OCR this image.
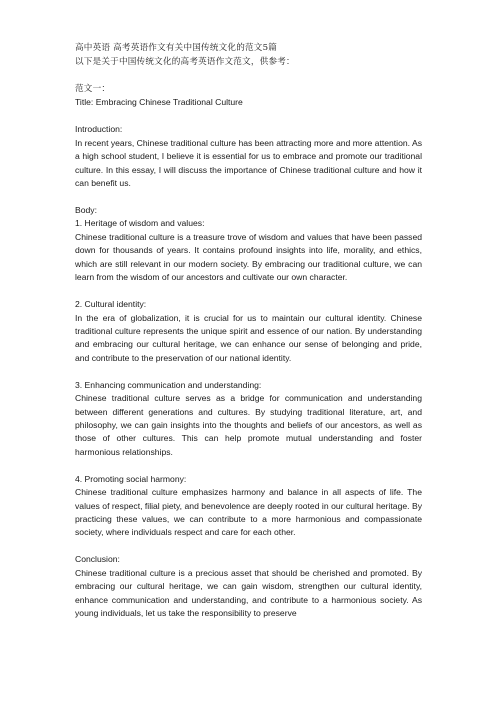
高中英语 高考英语作文有关中国传统文化的范文5篇

以下是关于中国传统文化的高考英语作文范文，供参考：

范文一：

Title: Embracing Chinese Traditional Culture

Introduction:

In recent years, Chinese traditional culture has been attracting more and more attention. As a high school student, I believe it is essential for us to embrace and promote our traditional culture. In this essay, I will discuss the importance of Chinese traditional culture and how it can benefit us.

Body:

1. Heritage of wisdom and values:

Chinese traditional culture is a treasure trove of wisdom and values that have been passed down for thousands of years. It contains profound insights into life, morality, and ethics, which are still relevant in our modern society. By embracing our traditional culture, we can learn from the wisdom of our ancestors and cultivate our own character.

2. Cultural identity:

In the era of globalization, it is crucial for us to maintain our cultural identity. Chinese traditional culture represents the unique spirit and essence of our nation. By understanding and embracing our cultural heritage, we can enhance our sense of belonging and pride, and contribute to the preservation of our national identity.

3. Enhancing communication and understanding:

Chinese traditional culture serves as a bridge for communication and understanding between different generations and cultures. By studying traditional literature, art, and philosophy, we can gain insights into the thoughts and beliefs of our ancestors, as well as those of other cultures. This can help promote mutual understanding and foster harmonious relationships.

4. Promoting social harmony:

Chinese traditional culture emphasizes harmony and balance in all aspects of life. The values of respect, filial piety, and benevolence are deeply rooted in our cultural heritage. By practicing these values, we can contribute to a more harmonious and compassionate society, where individuals respect and care for each other.

Conclusion:

Chinese traditional culture is a precious asset that should be cherished and promoted. By embracing our cultural heritage, we can gain wisdom, strengthen our cultural identity, enhance communication and understanding, and contribute to a harmonious society. As young individuals, let us take the responsibility to preserve
